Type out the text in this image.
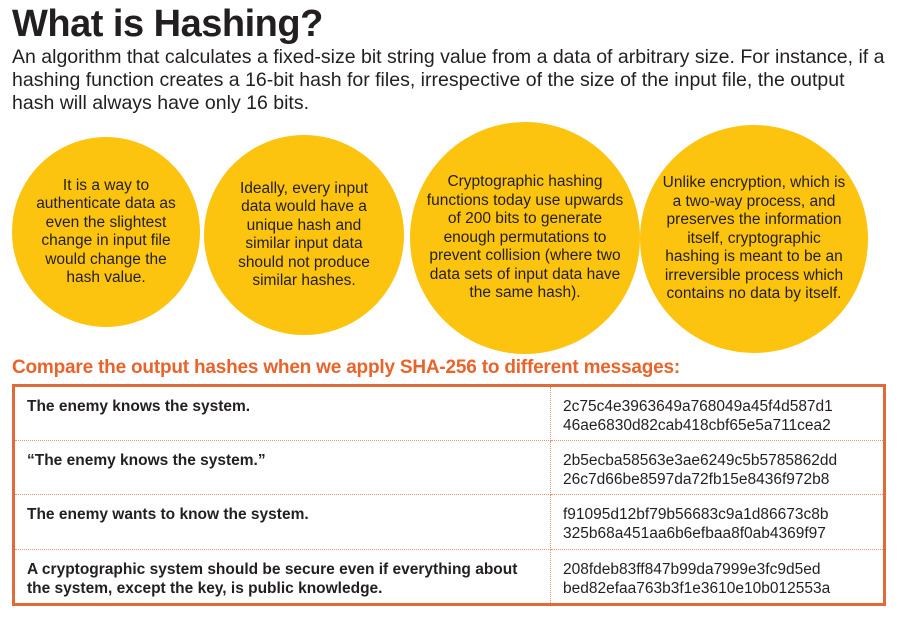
What is Hashing?

An algorithm that calculates a fixed-size bit string value from a data of arbitrary size. For instance, if a hashing function creates a 16-bit hash for files, irrespective of the size of the input file, the output hash will always have only 16 bits.

It is a way to authenticate data as even the slightest change in input file would change the hash value.
Ideally, every input data would have a unique hash and similar input data should not produce similar hashes.
Cryptographic hashing functions today use upwards of 200 bits to generate enough permutations to prevent collision (where two data sets of input data have the same hash).
Unlike encryption, which is a two-way process, and preserves the information itself, cryptographic hashing is meant to be an irreversible process which contains no data by itself.
Compare the output hashes when we apply SHA-256 to different messages:
The enemy knows the system.	2c75c4e3963649a768049a45f4d587d1
46ae6830d82cab418cbf65e5a711cea2

“The enemy knows the system.”	2b5ecba58563e3ae6249c5b5785862dd
26c7d66be8597da72fb15e8436f972b8

The enemy wants to know the system.	f91095d12bf79b56683c9a1d86673c8b
325b68a451aa6b6efbaa8f0ab4369f97

A cryptographic system should be secure even if everything about the system, except the key, is public knowledge.	208fdeb83ff847b99da7999e3fc9d5ed
bed82efaa763b3f1e3610e10b012553a
